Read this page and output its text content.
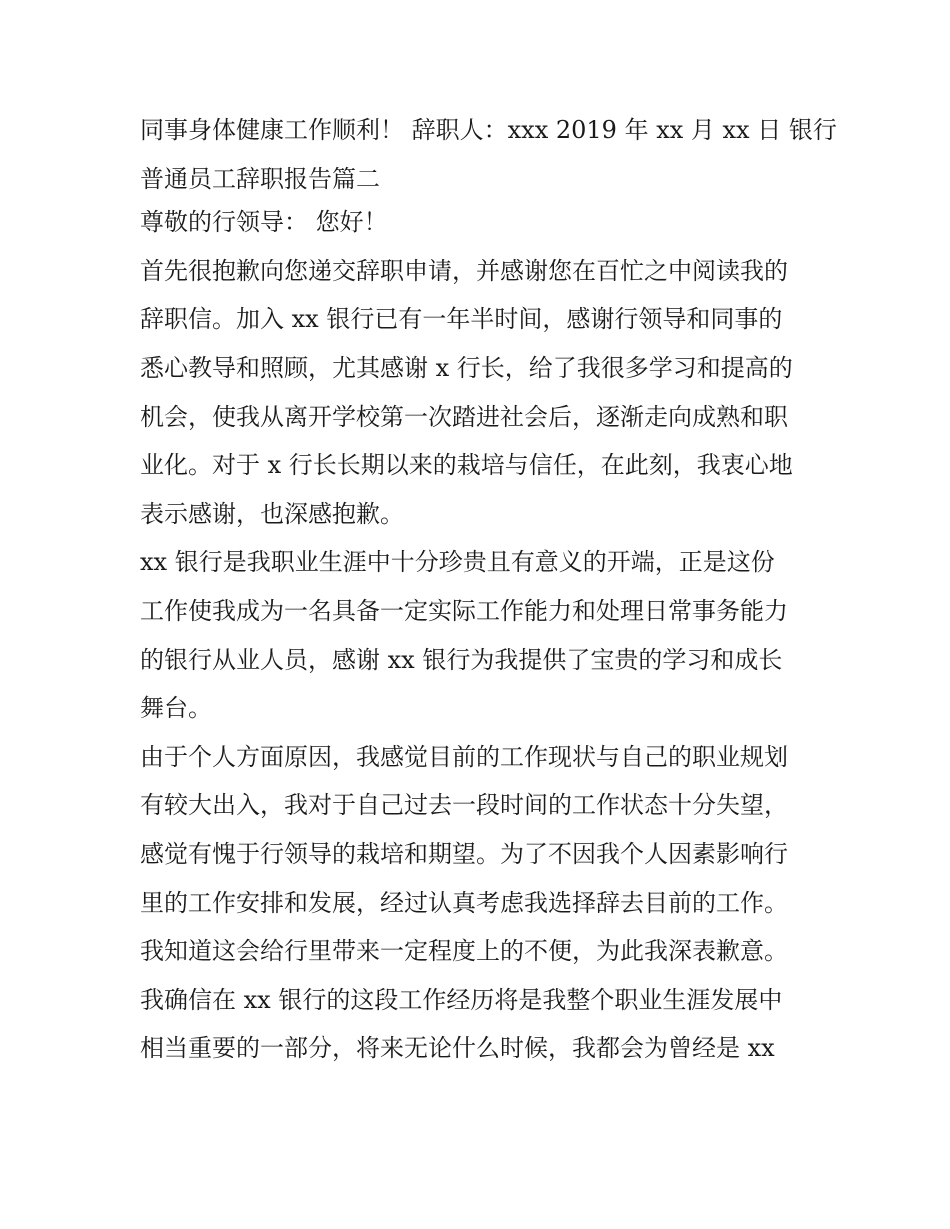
同事身体健康工作顺利！ 辞职人：xxx 2019 年 xx 月 xx 日 银行
普通员工辞职报告篇二
尊敬的行领导： 您好！
首先很抱歉向您递交辞职申请，并感谢您在百忙之中阅读我的
辞职信。加入 xx 银行已有一年半时间，感谢行领导和同事的
悉心教导和照顾，尤其感谢 x 行长，给了我很多学习和提高的
机会，使我从离开学校第一次踏进社会后，逐渐走向成熟和职
业化。对于 x 行长长期以来的栽培与信任，在此刻，我衷心地
表示感谢，也深感抱歉。
xx 银行是我职业生涯中十分珍贵且有意义的开端，正是这份
工作使我成为一名具备一定实际工作能力和处理日常事务能力
的银行从业人员，感谢 xx 银行为我提供了宝贵的学习和成长
舞台。
由于个人方面原因，我感觉目前的工作现状与自己的职业规划
有较大出入，我对于自己过去一段时间的工作状态十分失望，
感觉有愧于行领导的栽培和期望。为了不因我个人因素影响行
里的工作安排和发展，经过认真考虑我选择辞去目前的工作。
我知道这会给行里带来一定程度上的不便，为此我深表歉意。
我确信在 xx 银行的这段工作经历将是我整个职业生涯发展中
相当重要的一部分，将来无论什么时候，我都会为曾经是 xx
